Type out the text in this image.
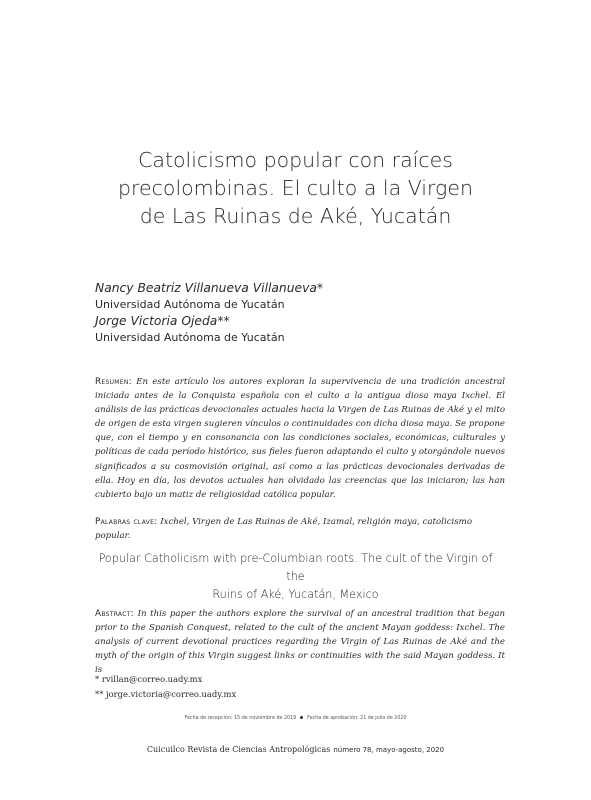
Catolicismo popular con raíces
precolombinas. El culto a la Virgen
de Las Ruinas de Aké, Yucatán
Nancy Beatriz Villanueva Villanueva*
Universidad Autónoma de Yucatán
Jorge Victoria Ojeda**
Universidad Autónoma de Yucatán

Resumen: En este artículo los autores exploran la supervivencia de una tradición ancestral iniciada antes de la Conquista española con el culto a la antigua diosa maya Ixchel. El análisis de las prácticas devocionales actuales hacia la Virgen de Las Ruinas de Aké y el mito de origen de esta virgen sugieren vínculos o continuidades con dicha diosa maya. Se propone que, con el tiempo y en consonancia con las condiciones sociales, económicas, culturales y políticas de cada período histórico, sus fieles fueron adaptando el culto y otorgándole nuevos significados a su cosmovisión original, así como a las prácticas devocionales derivadas de ella. Hoy en día, los devotos actuales han olvidado las creencias que las iniciaron; las han cubierto bajo un matiz de religiosidad católica popular.

Palabras clave: Ixchel, Virgen de Las Ruinas de Aké, Izamal, religión maya, catolicismo popular.

Popular Catholicism with pre-Columbian roots. The cult of the Virgin of the
Ruins of Aké, Yucatán, Mexico

Abstract: In this paper the authors explore the survival of an ancestral tradition that began prior to the Spanish Conquest, related to the cult of the ancient Mayan goddess: Ixchel. The analysis of current devotional practices regarding the Virgin of Las Ruinas de Aké and the myth of the origin of this Virgin suggest links or continuities with the said Mayan goddess. It is

* rvillan@correo.uady.mx
** jorge.victoria@correo.uady.mx
Fecha de recepción: 15 de noviembre de 2019 Fecha de aprobación: 21 de julio de 2020
Cuicuilco Revista de Ciencias Antropológicas número 78, mayo-agosto, 2020
